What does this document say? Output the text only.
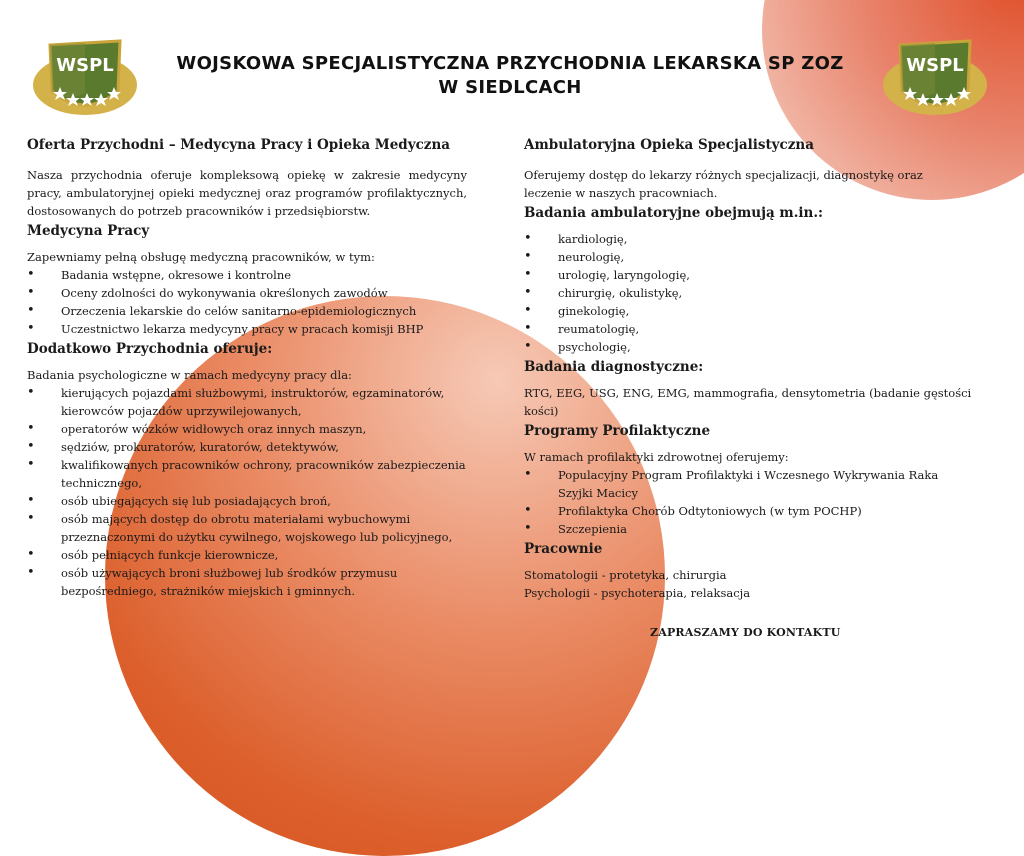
WSPL	WSPL
WOJSKOWA SPECJALISTYCZNA PRZYCHODNIA LEKARSKA SP ZOZ
W SIEDLCACH
Oferta Przychodni – Medycyna Pracy i Opieka Medyczna

Nasza przychodnia oferuje kompleksową opiekę w zakresie medycyny pracy, ambulatoryjnej opieki medycznej oraz programów profilaktycznych, dostosowanych do potrzeb pracowników i przedsiębiorstw.

Medycyna Pracy

Zapewniamy pełną obsługę medyczną pracowników, w tym:

• Badania wstępne, okresowe i kontrolne
• Oceny zdolności do wykonywania określonych zawodów
• Orzeczenia lekarskie do celów sanitarno-epidemiologicznych
• Uczestnictwo lekarza medycyny pracy w pracach komisji BHP
Dodatkowo Przychodnia oferuje:

Badania psychologiczne w ramach medycyny pracy dla:

• kierujących pojazdami służbowymi, instruktorów, egzaminatorów, kierowców pojazdów uprzywilejowanych,
• operatorów wózków widłowych oraz innych maszyn,
• sędziów, prokuratorów, kuratorów, detektywów,
• kwalifikowanych pracowników ochrony, pracowników zabezpieczenia technicznego,
• osób ubiegających się lub posiadających broń,
• osób mających dostęp do obrotu materiałami wybuchowymi przeznaczonymi do użytku cywilnego, wojskowego lub policyjnego,
• osób pełniących funkcje kierownicze,
• osób używających broni służbowej lub środków przymusu bezpośredniego, strażników miejskich i gminnych.
Ambulatoryjna Opieka Specjalistyczna

Oferujemy dostęp do lekarzy różnych specjalizacji, diagnostykę oraz leczenie w naszych pracowniach.

Badania ambulatoryjne obejmują m.in.:
• kardiologię,
• neurologię,
• urologię, laryngologię,
• chirurgię, okulistykę,
• ginekologię,
• reumatologię,
• psychologię,
Badania diagnostyczne:

RTG, EEG, USG, ENG, EMG, mammografia, densytometria (badanie gęstości kości)

Programy Profilaktyczne

W ramach profilaktyki zdrowotnej oferujemy:

• Populacyjny Program Profilaktyki i Wczesnego Wykrywania Raka Szyjki Macicy
• Profilaktyka Chorób Odtytoniowych (w tym POCHP)
• Szczepienia
Pracownie

Stomatologii - protetyka, chirurgia

Psychologii - psychoterapia, relaksacja

ZAPRASZAMY DO KONTAKTU
